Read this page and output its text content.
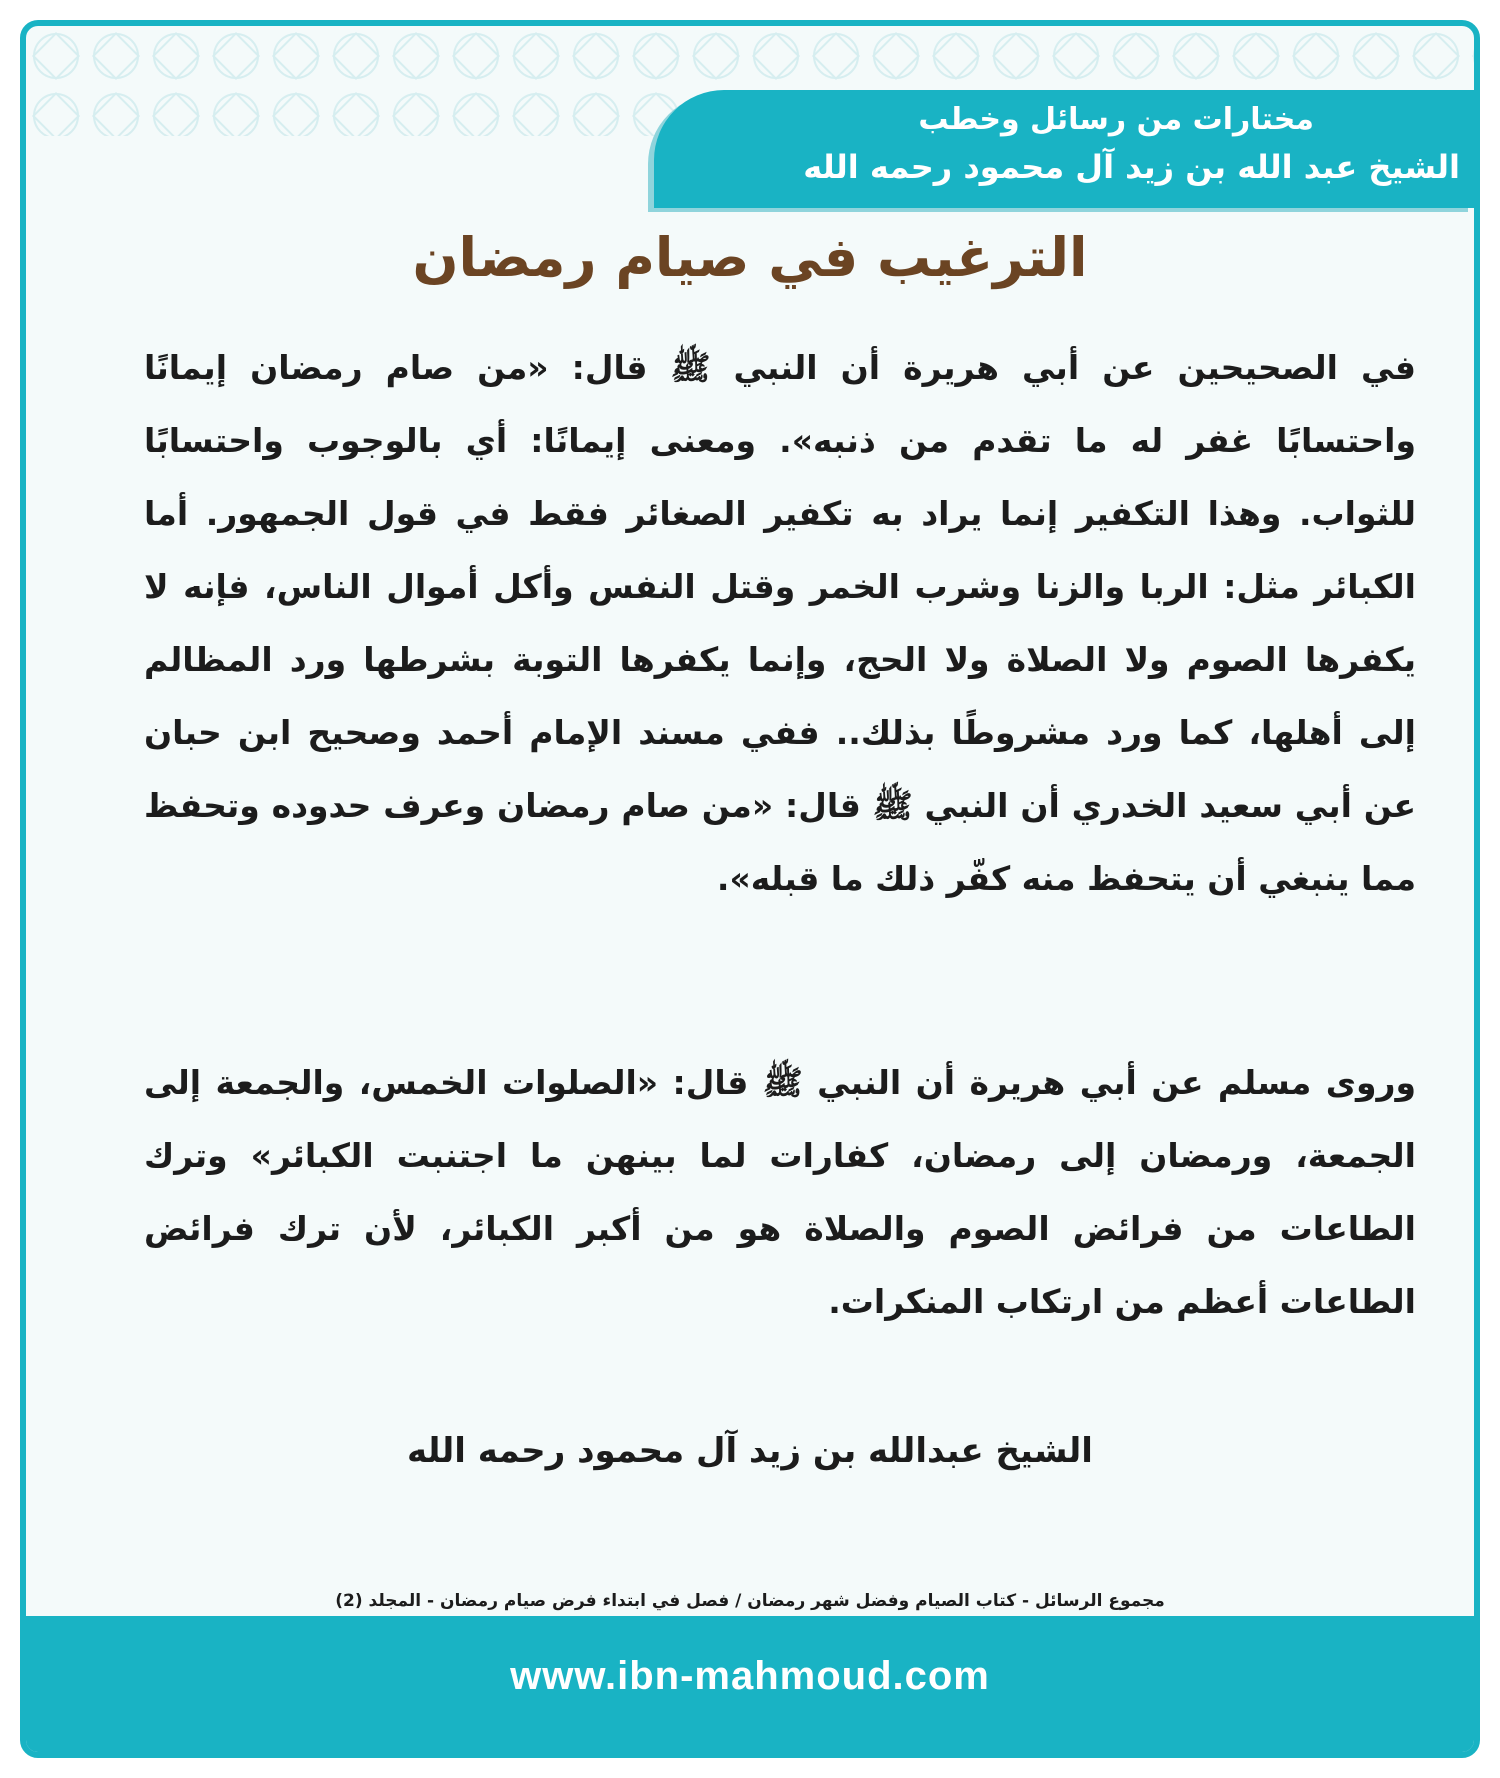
مختارات من رسائل وخطب
الشيخ عبد الله بن زيد آل محمود رحمه الله
الترغيب في صيام رمضان
في الصحيحين عن أبي هريرة أن النبي ﷺ قال: «من صام رمضان إيمانًا واحتسابًا غفر له ما تقدم من ذنبه». ومعنى إيمانًا: أي بالوجوب واحتسابًا للثواب. وهذا التكفير إنما يراد به تكفير الصغائر فقط في قول الجمهور. أما الكبائر مثل: الربا والزنا وشرب الخمر وقتل النفس وأكل أموال الناس، فإنه لا يكفرها الصوم ولا الصلاة ولا الحج، وإنما يكفرها التوبة بشرطها ورد المظالم إلى أهلها، كما ورد مشروطًا بذلك.. ففي مسند الإمام أحمد وصحيح ابن حبان عن أبي سعيد الخدري أن النبي ﷺ قال: «من صام رمضان وعرف حدوده وتحفظ مما ينبغي أن يتحفظ منه كفّر ذلك ما قبله».
وروى مسلم عن أبي هريرة أن النبي ﷺ قال: «الصلوات الخمس، والجمعة إلى الجمعة، ورمضان إلى رمضان، كفارات لما بينهن ما اجتنبت الكبائر» وترك الطاعات من فرائض الصوم والصلاة هو من أكبر الكبائر، لأن ترك فرائض الطاعات أعظم من ارتكاب المنكرات.
الشيخ عبدالله بن زيد آل محمود رحمه الله
مجموع الرسائل - كتاب الصيام وفضل شهر رمضان / فصل في ابتداء فرض صيام رمضان - المجلد (2)
www.ibn-mahmoud.com
